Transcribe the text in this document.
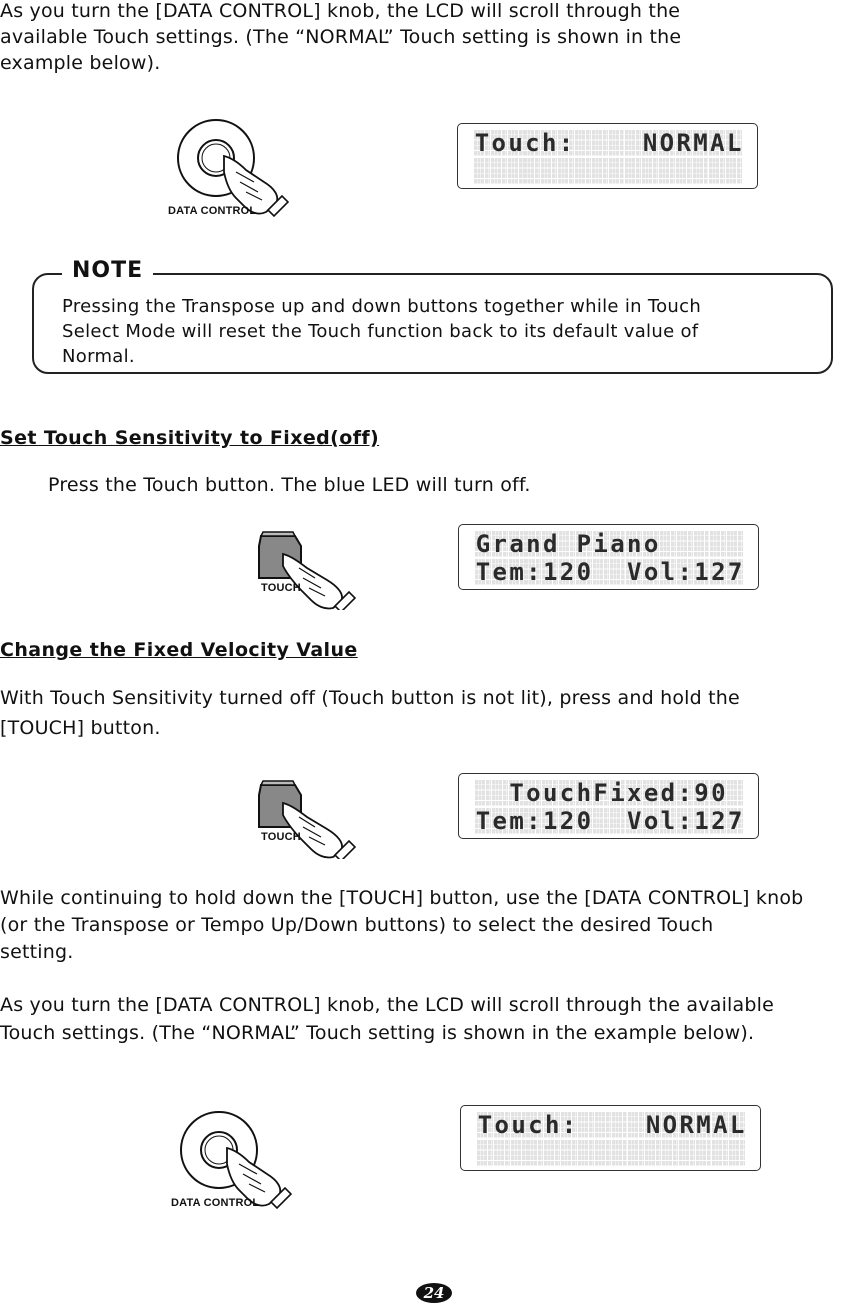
As you turn the [DATA CONTROL] knob, the LCD will scroll through the
available Touch settings. (The “NORMAL” Touch setting is shown in the
example below).
DATA CONTROL
T o u c h :

	N O R M A L

NOTE
Pressing the Transpose up and down buttons together while in Touch
Select Mode will reset the Touch function back to its default value of
Normal.
Set Touch Sensitivity to Fixed(off)
Press the Touch button. The blue LED will turn off.
TOUCH
G r a n d
P i a n o

T e m : 1 2 0

V o l : 1 2 7
Change the Fixed Velocity Value
With Touch Sensitivity turned off (Touch button is not lit), press and hold the
[TOUCH] button.
TOUCH

T o u c h F i x e d : 9 0

T e m : 1 2 0

V o l : 1 2 7
While continuing to hold down the [TOUCH] button, use the [DATA CONTROL] knob
(or the Transpose or Tempo Up/Down buttons) to select the desired Touch
setting.
As you turn the [DATA CONTROL] knob, the LCD will scroll through the available
Touch settings. (The “NORMAL” Touch setting is shown in the example below).
DATA CONTROL
T o u c h :

	N O R M A L

24
